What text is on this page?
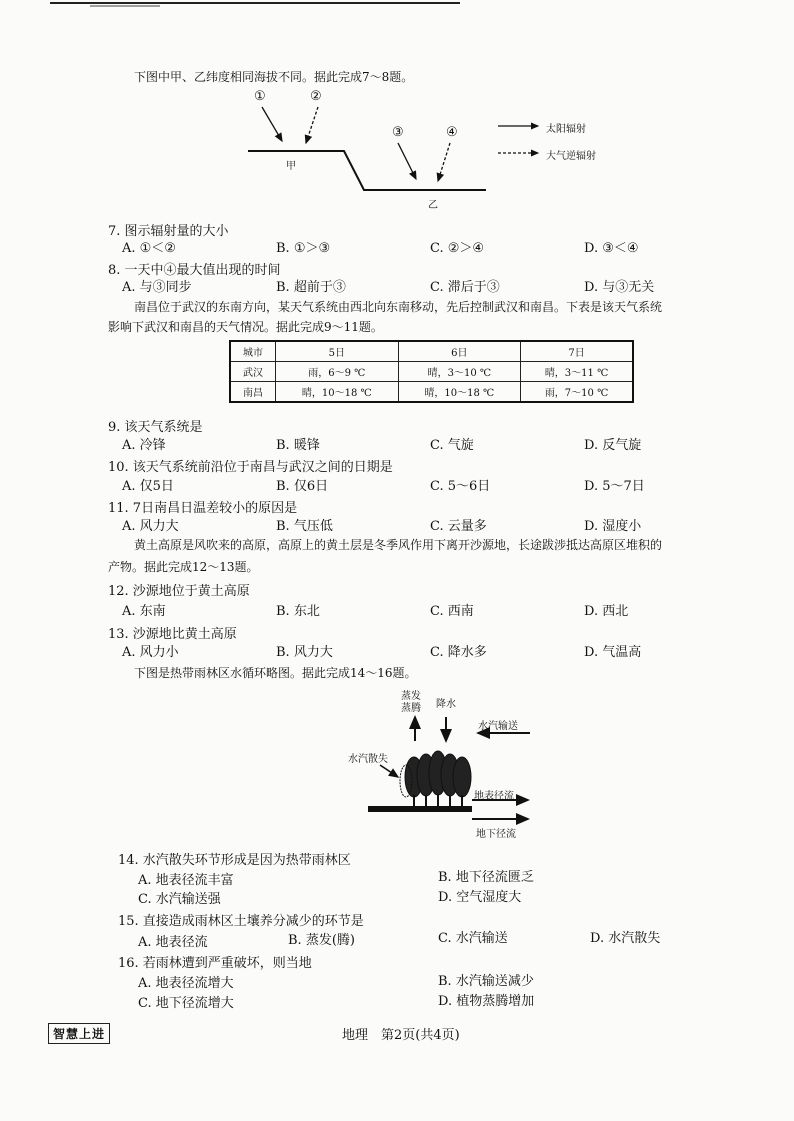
下图中甲、乙纬度相同海拔不同。据此完成7～8题。
①	②
③	④
甲
乙
太阳辐射
大气逆辐射
7. 图示辐射量的大小
A. ①＜②	B. ①＞③	C. ②＞④	D. ③＜④
8. 一天中④最大值出现的时间
A. 与③同步	B. 超前于③	C. 滞后于③	D. 与③无关
南昌位于武汉的东南方向，某天气系统由西北向东南移动，先后控制武汉和南昌。下表是该天气系统
影响下武汉和南昌的天气情况。据此完成9～11题。
城市	5日	6日	7日
武汉	雨，6～9 ℃	晴，3～10 ℃	晴，3～11 ℃
南昌	晴，10～18 ℃	晴，10～18 ℃	雨，7～10 ℃
9. 该天气系统是
A. 冷锋	B. 暖锋	C. 气旋	D. 反气旋
10. 该天气系统前沿位于南昌与武汉之间的日期是
A. 仅5日	B. 仅6日	C. 5～6日	D. 5～7日
11. 7日南昌日温差较小的原因是
A. 风力大	B. 气压低	C. 云量多	D. 湿度小
黄土高原是风吹来的高原，高原上的黄土层是冬季风作用下离开沙源地，长途跋涉抵达高原区堆积的
产物。据此完成12～13题。
12. 沙源地位于黄土高原
A. 东南	B. 东北	C. 西南	D. 西北
13. 沙源地比黄土高原
A. 风力小	B. 风力大	C. 降水多	D. 气温高
下图是热带雨林区水循环略图。据此完成14～16题。
蒸发
蒸腾 降水
水汽输送
水汽散失
地表径流
地下径流
14. 水汽散失环节形成是因为热带雨林区
A. 地表径流丰富	B. 地下径流匮乏
C. 水汽输送强	D. 空气湿度大
15. 直接造成雨林区土壤养分减少的环节是
A. 地表径流	B. 蒸发(腾)	C. 水汽输送	D. 水汽散失
16. 若雨林遭到严重破坏，则当地
A. 地表径流增大	B. 水汽输送减少
C. 地下径流增大	D. 植物蒸腾增加
智慧上进	地理　第2页(共4页)
